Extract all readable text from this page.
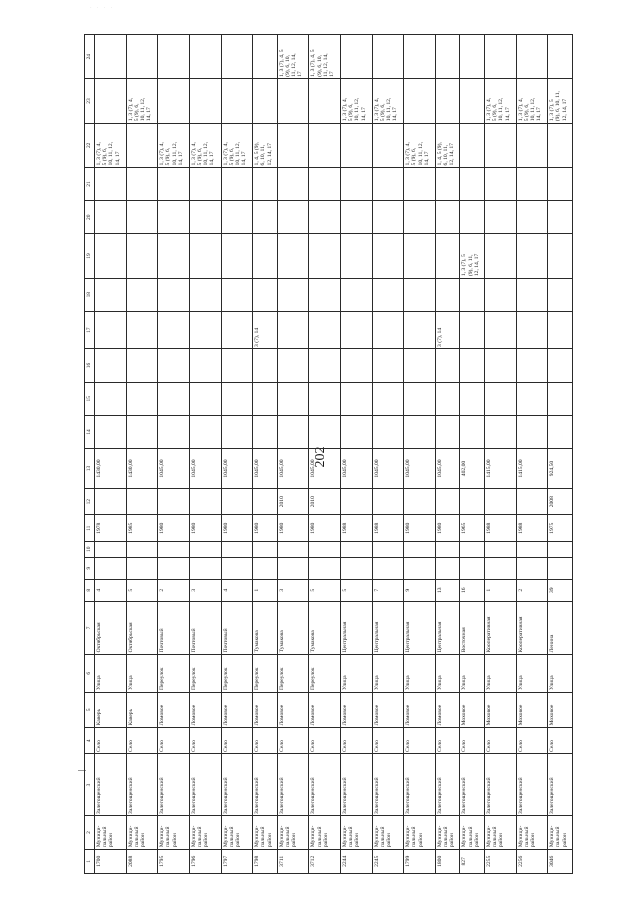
· · · ·
202
1	2	3	4	5	6	7	8	9	10	11	12	13	14	15	16	17	18	19	20	21	22	23	24
1700	Муници-
пальный
район	Залегощенский	Село	Каверь	Улица	Октябрьская	4			1978		1430,00									1, 3 (7), 4,
5 (9), 6,
10, 11, 12,
14, 17		
2088	Муници-
пальный
район	Залегощенский	Село	Каверь	Улица	Октябрьская	5			1985		1430,00										1, 3 (7), 4,
5 (9), 6,
10, 11, 12,
14, 17	
1795	Муници-
пальный
район	Залегощенский	Село	Ломовое	Переулок	Почтовый	2			1980		1045,00									1, 3 (7), 4,
5 (9), 6,
10, 11, 12,
14, 17		
1796	Муници-
пальный
район	Залегощенский	Село	Ломовое	Переулок	Почтовый	3			1980		1045,00									1, 3 (7), 4,
5 (9), 6,
10, 11, 12,
14, 17		
1797	Муници-
пальный
район	Залегощенский	Село	Ломовое	Переулок	Почтовый	4			1980		1045,00									1, 3 (7), 4,
5 (9), 6,
10, 11, 12,
14, 17		
1798	Муници-
пальный
район	Залегощенский	Село	Ломовое	Переулок	Тумакова	1			1980		1045,00				3 (7), 14					1, 4, 5 (9),
6, 10, 11,
12, 14, 17		
3711	Муници-
пальный
район	Залегощенский	Село	Ломовое	Переулок	Тумакова	3			1980	2010	1045,00											1, 3 (7), 4, 5
(9), 6, 10,
11, 12, 14,
17
3712	Муници-
пальный
район	Залегощенский	Село	Ломовое	Переулок	Тумакова	5			1980	2010	1045,00											1, 3 (7), 4, 5
(9), 6, 10,
11, 12, 14,
17
2244	Муници-
пальный
район	Залегощенский	Село	Ломовое	Улица	Центральная	5			1988		1045,00										1, 3 (7), 4,
5 (9), 6,
10, 11, 12,
14, 17	
2245	Муници-
пальный
район	Залегощенский	Село	Ломовое	Улица	Центральная	7			1988		1045,00										1, 3 (7), 4,
5 (9), 6,
10, 11, 12,
14, 17	
1799	Муници-
пальный
район	Залегощенский	Село	Ломовое	Улица	Центральная	9			1980		1045,00									1, 3 (7), 4,
5 (9), 6,
10, 11, 12,
14, 17		
1800	Муници-
пальный
район	Залегощенский	Село	Ломовое	Улица	Центральная	13			1980		1045,00				3 (7), 14					1, 4, 5 (9),
6, 10, 11,
12, 14, 17		
827	Муници-
пальный
район	Залегощенский	Село	Моховое	Улица	Восточная	16			1965		402,00						1, 3 (7), 5
(9), 6, 11,
12, 14, 17					
2255	Муници-
пальный
район	Залегощенский	Село	Моховое	Улица	Кооперативная	1			1988		1415,00										1, 3 (7), 4,
5 (9), 6,
10, 11, 12,
14, 17	
2256	Муници-
пальный
район	Залегощенский	Село	Моховое	Улица	Кооперативная	2			1988		1415,00										1, 3 (7), 4,
5 (9), 6,
10, 11, 12,
14, 17	
3046	Муници-
пальный
район	Залегощенский	Село	Моховое	Улица	Ленина	39			1975	2008	924,50										1, 3 (7), 5
(9), 6, 10, 11,
12, 14, 17	
